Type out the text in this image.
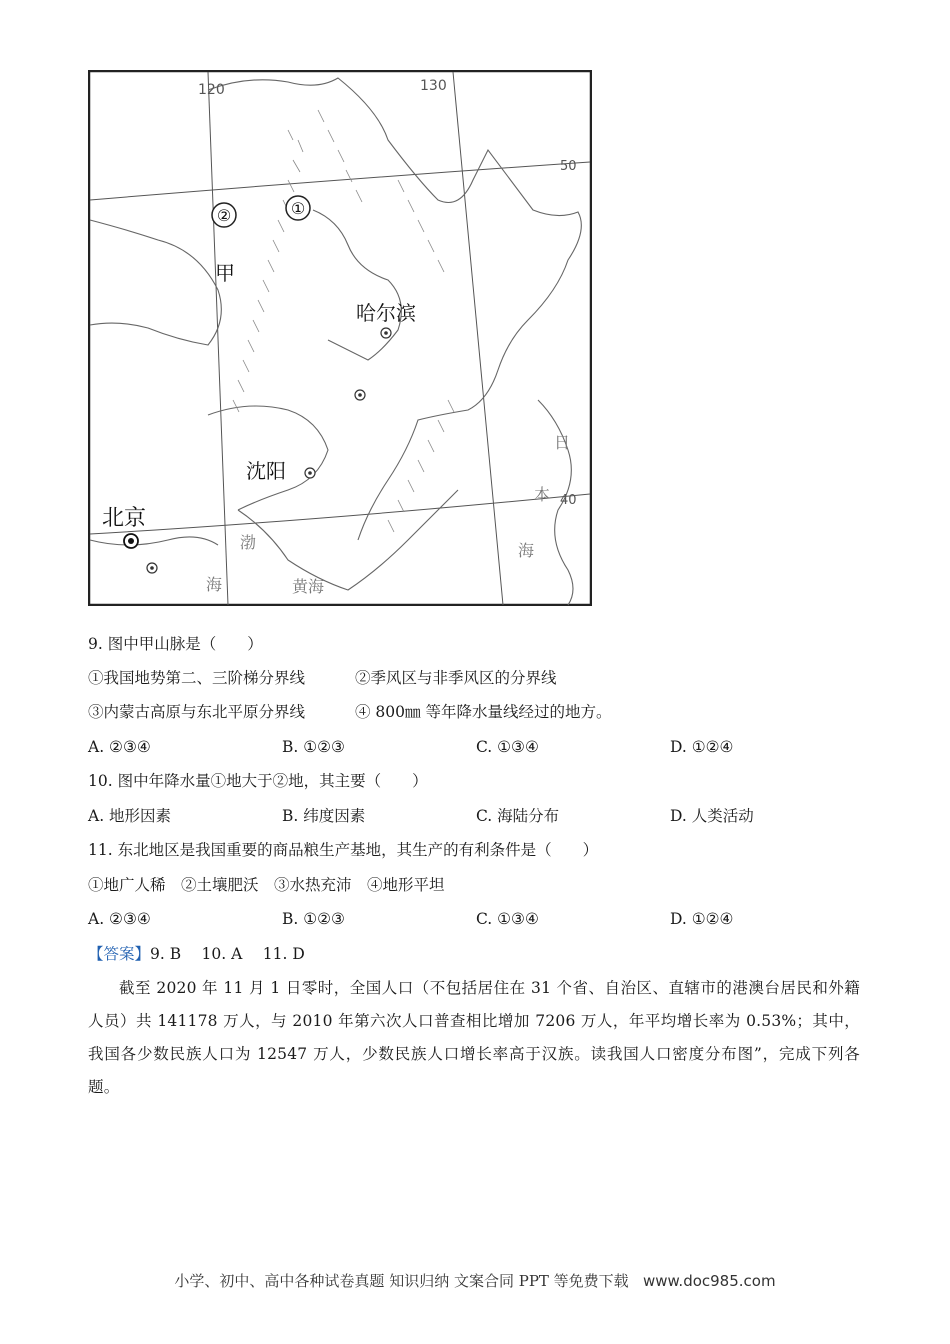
120	130
50
40
②	①
甲
哈尔滨
沈阳
北京
渤
海	黄海
日
本
海
9. 图中甲山脉是（　　）
①我国地势第二、三阶梯分界线	②季风区与非季风区的分界线
③内蒙古高原与东北平原分界线	④ 800㎜ 等年降水量线经过的地方。
A. ②③④	B. ①②③	C. ①③④	D. ①②④
10. 图中年降水量①地大于②地，其主要（　　）
A. 地形因素	B. 纬度因素	C. 海陆分布	D. 人类活动
11. 东北地区是我国重要的商品粮生产基地，其生产的有利条件是（　　）
①地广人稀　②土壤肥沃　③水热充沛　④地形平坦
A. ②③④	B. ①②③	C. ①③④	D. ①②④
【答案】9. B　 10. A　 11. D
截至 2020 年 11 月 1 日零时，全国人口（不包括居住在 31 个省、自治区、直辖市的港澳台居民和外籍人员）共 141178 万人，与 2010 年第六次人口普查相比增加 7206 万人，年平均增长率为 0.53%；其中，我国各少数民族人口为 12547 万人，少数民族人口增长率高于汉族。读我国人口密度分布图”，完成下列各题。
小学、初中、高中各种试卷真题 知识归纳 文案合同 PPT 等免费下载 www.doc985.com
